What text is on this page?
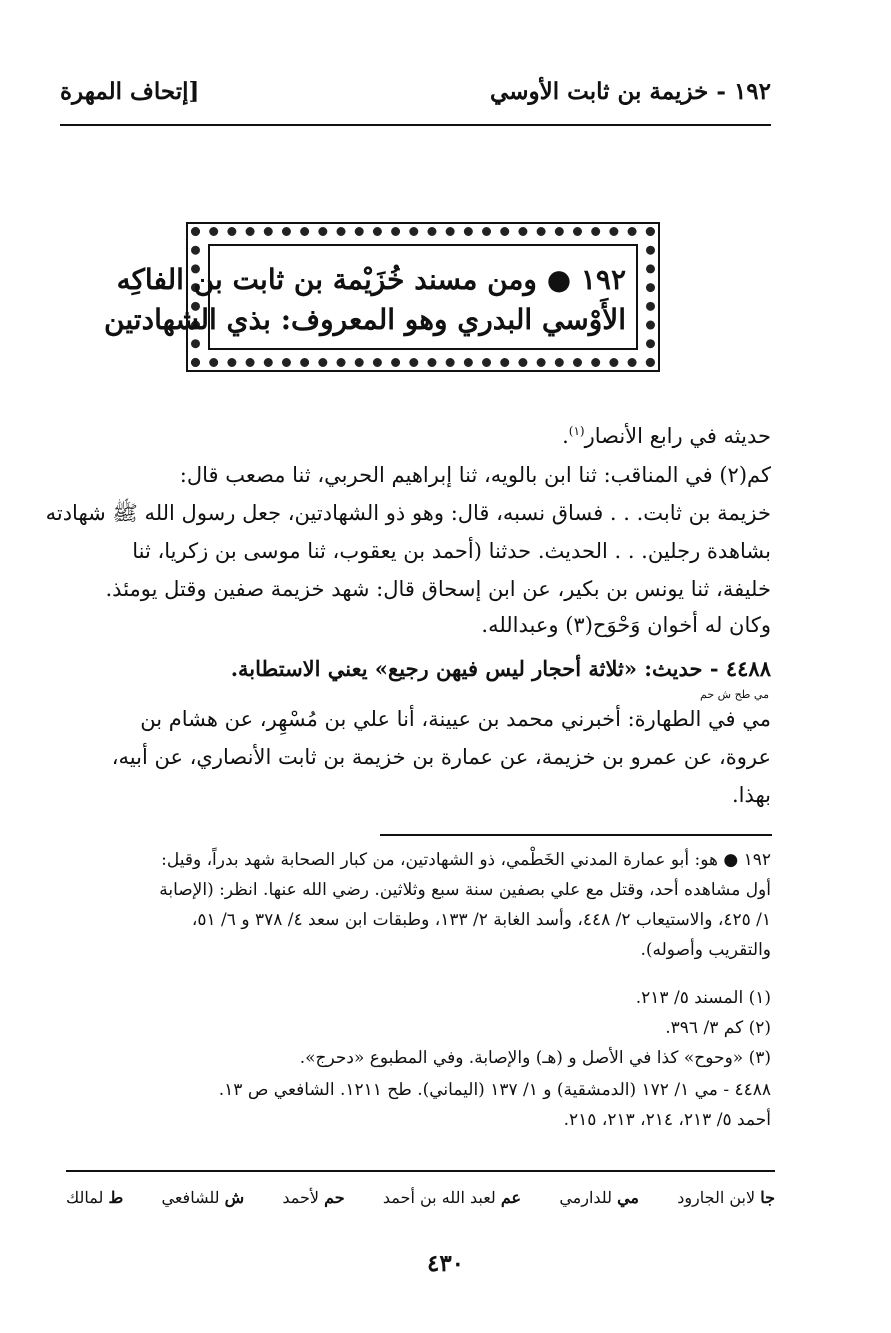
١٩٢ - خزيمة بن ثابت الأوسي
[إتحاف المهرة
١٩٢ ● ومن مسند خُزَيْمة بن ثابت بن الفاكِه
الأَوْسي البدري وهو المعروف: بذي الشهادتين
حديثه في رابع الأنصار$^{(١)}$.
كم(٢) في المناقب: ثنا ابن بالويه، ثنا إبراهيم الحربي، ثنا مصعب قال:
خزيمة بن ثابت. . . فساق نسبه، قال: وهو ذو الشهادتين، جعل رسول الله ﷺ شهادته
بشاهدة رجلين. . . الحديث. حدثنا (أحمد بن يعقوب، ثنا موسى بن زكريا، ثنا
خليفة، ثنا يونس بن بكير، عن ابن إسحاق قال: شهد خزيمة صفين وقتل يومئذ.
وكان له أخوان وَحْوَح(٣) وعبدالله.
٤٤٨٨ - حديث: «ثلاثة أحجار ليس فيهن رجيع» يعني الاستطابة.
مي طح ش حم
مي في الطهارة: أخبرني محمد بن عيينة، أنا علي بن مُسْهِر، عن هشام بن
عروة، عن عمرو بن خزيمة، عن عمارة بن خزيمة بن ثابت الأنصاري، عن أبيه،
بهذا.
١٩٢ ● هو: أبو عمارة المدني الخَطْمي، ذو الشهادتين، من كبار الصحابة شهد بدراً، وقيل:
أول مشاهده أحد، وقتل مع علي بصفين سنة سبع وثلاثين. رضي الله عنها. انظر: (الإصابة
١/ ٤٢٥، والاستيعاب ٢/ ٤٤٨، وأسد الغابة ٢/ ١٣٣، وطبقات ابن سعد ٤/ ٣٧٨ و ٦/ ٥١،
والتقريب وأصوله).
(١) المسند ٥/ ٢١٣.
(٢) كم ٣/ ٣٩٦.
(٣) «وحوح» كذا في الأصل و (هـ) والإصابة. وفي المطبوع «دحرج».
٤٤٨٨ - مي ١/ ١٧٢ (الدمشقية) و ١/ ١٣٧ (اليماني). طح ١٢١١. الشافعي ص ١٣.
أحمد ٥/ ٢١٣، ٢١٤، ٢١٣، ٢١٥.
ط لمالك	ش للشافعي	حم لأحمد	عم لعبد الله بن أحمد	مي للدارمي	جا لابن الجارود
٤٣٠
